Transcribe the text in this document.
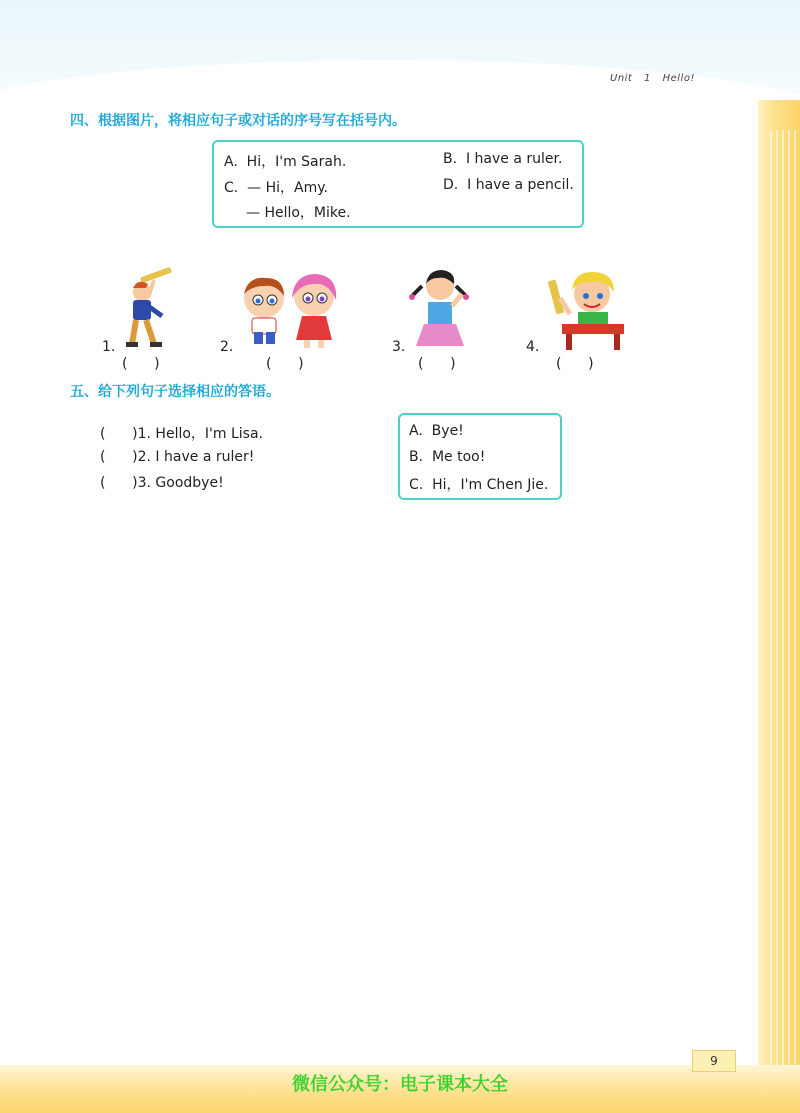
Unit 1 Hello!
四、根据图片，将相应句子或对话的序号写在括号内。
A.  Hi，I'm Sarah.	B.  I have a ruler.
C.  — Hi，Amy.	D.  I have a pencil.
— Hello，Mike.
1.
(      )
2.
(      )
3.
(      )
4.
(      )
五、给下列句子选择相应的答语。
(      )1. Hello，I'm Lisa.
(      )2. I have a ruler!
(      )3. Goodbye!
A.  Bye!
B.  Me too!
C.  Hi，I'm Chen Jie.
9
微信公众号：电子课本大全
